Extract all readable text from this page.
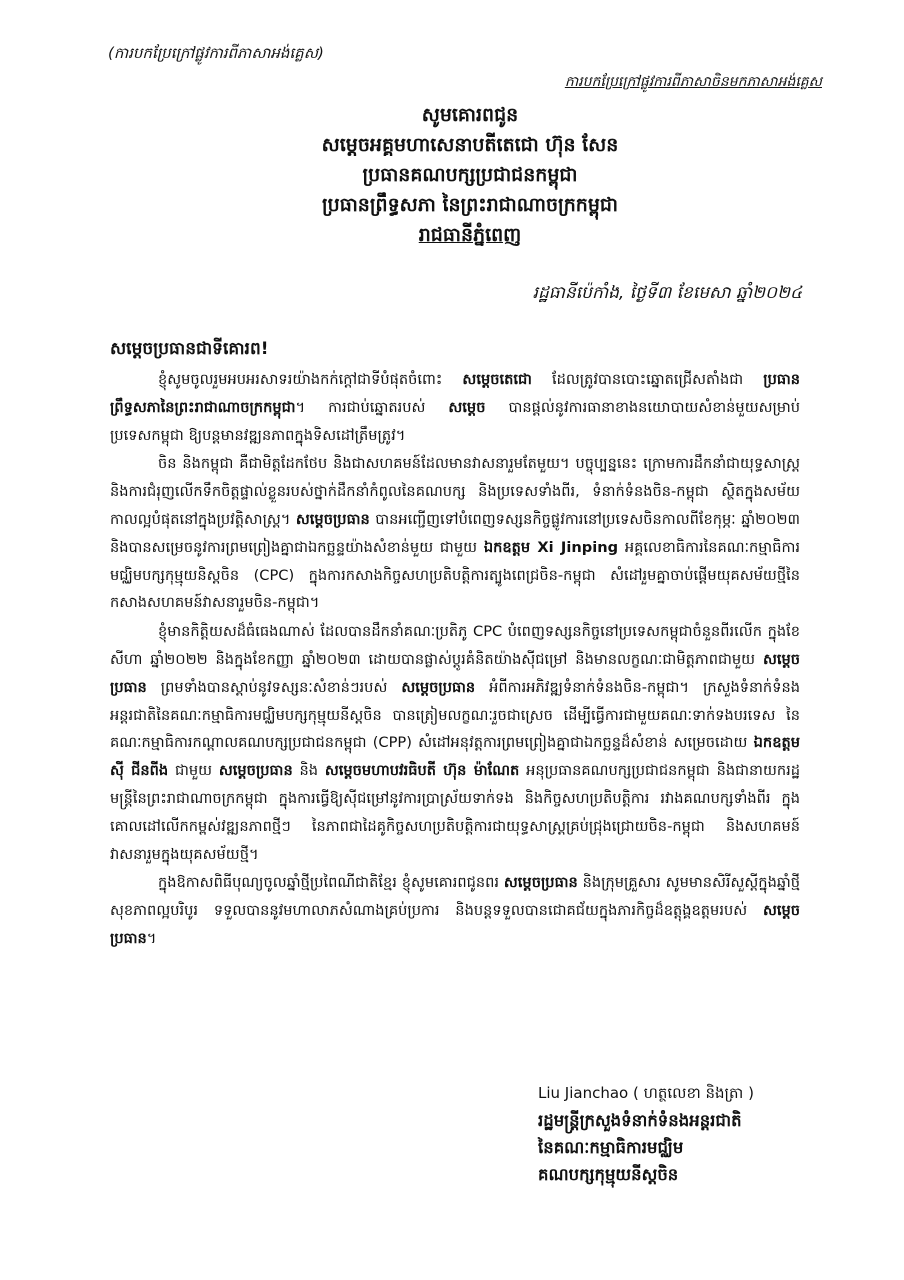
(ការបកប្រែក្រៅផ្លូវការពីភាសាអង់គ្លេស)
ការបកប្រែក្រៅផ្លូវការពីភាសាចិនមកភាសាអង់គ្លេស
សូមគោរពជូន
សម្តេចអគ្គមហាសេនាបតីតេជោ ហ៊ុន សែន
ប្រធានគណបក្សប្រជាជនកម្ពុជា
ប្រធានព្រឹទ្ធសភា នៃព្រះរាជាណាចក្រកម្ពុជា
រាជធានីភ្នំពេញ
រដ្ឋធានីប៉េកាំង, ថ្ងៃទី៣ ខែមេសា ឆ្នាំ២០២៤
សម្តេចប្រធានជាទីគោរព!

ខ្ញុំសូមចូលរួមអបអរសាទរយ៉ាងកក់ក្ដៅជាទីបំផុតចំពោះ សម្តេចតេជោ ដែលត្រូវបានបោះឆ្នោតជ្រើសតាំងជា ប្រធានព្រឹទ្ធសភានៃព្រះរាជាណាចក្រកម្ពុជា។ ការជាប់ឆ្នោតរបស់ សម្តេច បានផ្តល់នូវការធានាខាងនយោបាយសំខាន់មួយសម្រាប់ប្រទេសកម្ពុជា ឱ្យបន្តមានវឌ្ឍនភាពក្នុងទិសដៅត្រឹមត្រូវ។

ចិន និងកម្ពុជា គឺជាមិត្តដែកថែប និងជាសហគមន៍ដែលមានវាសនារួមតែមួយ។ បច្ចុប្បន្ននេះ ក្រោមការដឹកនាំជាយុទ្ធសាស្ត្រ និងការជំរុញលើកទឹកចិត្តផ្ទាល់ខ្លួនរបស់ថ្នាក់ដឹកនាំកំពូលនៃគណបក្ស និងប្រទេសទាំងពីរ, ទំនាក់ទំនងចិន-កម្ពុជា ស្ថិតក្នុងសម័យកាលល្អបំផុតនៅក្នុងប្រវត្តិសាស្ត្រ។ សម្តេចប្រធាន បានអញ្ជើញទៅបំពេញទស្សនកិច្ចផ្លូវការនៅប្រទេសចិនកាលពីខែកុម្ភៈ ឆ្នាំ២០២៣ និងបានសម្រេចនូវការព្រមព្រៀងគ្នាជាឯកច្ឆន្ទយ៉ាងសំខាន់មួយ ជាមួយ ឯកឧត្តម Xi Jinping អគ្គលេខាធិការនៃគណៈកម្មាធិការមជ្ឈិមបក្សកុម្មុយនិស្តចិន (CPC) ក្នុងការកសាងកិច្ចសហប្រតិបត្តិការត្បូងពេជ្រចិន-កម្ពុជា សំដៅរួមគ្នាចាប់ផ្តើមយុគសម័យថ្មីនៃកសាងសហគមន៍វាសនារួមចិន-កម្ពុជា។

ខ្ញុំមានកិត្តិយសដ៏ធំធេងណាស់ ដែលបានដឹកនាំគណៈប្រតិភូ CPC បំពេញទស្សនកិច្ចនៅប្រទេសកម្ពុជាចំនួនពីរលើក ក្នុងខែសីហា ឆ្នាំ២០២២ និងក្នុងខែកញ្ញា ឆ្នាំ២០២៣ ដោយបានផ្លាស់ប្តូរគំនិតយ៉ាងស៊ីជម្រៅ និងមានលក្ខណៈជាមិត្តភាពជាមួយ សម្តេចប្រធាន ព្រមទាំងបានស្តាប់នូវទស្សនៈសំខាន់ៗរបស់ សម្តេចប្រធាន អំពីការអភិវឌ្ឍទំនាក់ទំនងចិន-កម្ពុជា។ ក្រសួងទំនាក់ទំនងអន្តរជាតិនៃគណៈកម្មាធិការមជ្ឈិមបក្សកុម្មុយនីស្តចិន បានត្រៀមលក្ខណៈរួចជាស្រេច ដើម្បីធ្វើការជាមួយគណៈទាក់ទងបរទេស នៃគណៈកម្មាធិការកណ្តាលគណបក្សប្រជាជនកម្ពុជា (CPP) សំដៅអនុវត្តការព្រមព្រៀងគ្នាជាឯកច្ឆន្ទដ៏សំខាន់ សម្រេចដោយ ឯកឧត្តម ស៊ី ជីនពីង ជាមួយ សម្តេចប្រធាន និង សម្តេចមហាបវរធិបតី ហ៊ុន ម៉ាណែត អនុប្រធានគណបក្សប្រជាជនកម្ពុជា និងជានាយករដ្ឋមន្ត្រីនៃព្រះរាជាណាចក្រកម្ពុជា ក្នុងការធ្វើឱ្យស៊ីជម្រៅនូវការប្រាស្រ័យទាក់ទង និងកិច្ចសហប្រតិបត្តិការ រវាងគណបក្សទាំងពីរ ក្នុងគោលដៅលើកកម្ពស់វឌ្ឍនភាពថ្មីៗ នៃភាពជាដៃគូកិច្ចសហប្រតិបត្តិការជាយុទ្ធសាស្ត្រគ្រប់ជ្រុងជ្រោយចិន-កម្ពុជា និងសហគមន៍វាសនារួមក្នុងយុគសម័យថ្មី។

ក្នុងឱកាសពិធីបុណ្យចូលឆ្នាំថ្មីប្រពៃណីជាតិខ្មែរ ខ្ញុំសូមគោរពជូនពរ សម្តេចប្រធាន និងក្រុមគ្រួសារ សូមមានសិរីសួស្តីក្នុងឆ្នាំថ្មី សុខភាពល្អបរិបូរ ទទួលបាននូវមហាលាភសំណាងគ្រប់ប្រការ និងបន្តទទួលបានជោគជ័យក្នុងភារកិច្ចដ៏ឧត្តុង្គឧត្តមរបស់ សម្តេចប្រធាន។

Liu Jianchao ( ហត្ថលេខា និងត្រា )
រដ្ឋមន្ត្រីក្រសួងទំនាក់ទំនងអន្តរជាតិ
នៃគណៈកម្មាធិការមជ្ឈិម
គណបក្សកុម្មុយនីស្តចិន
